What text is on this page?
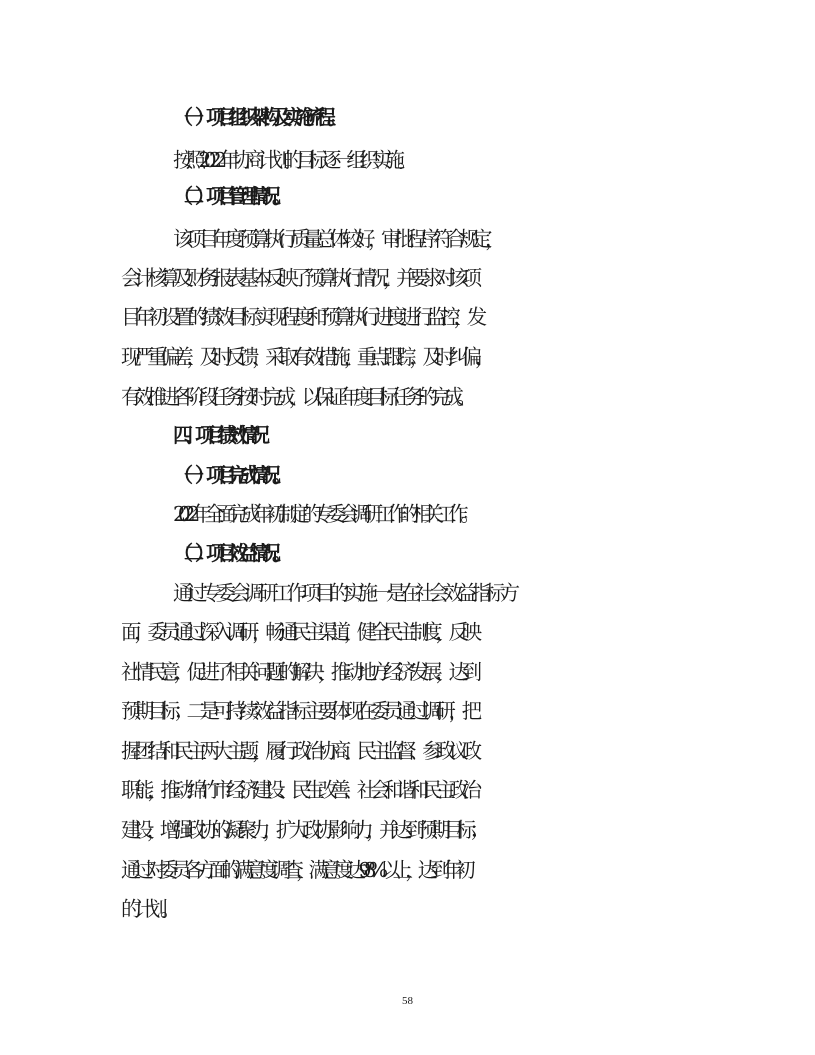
（一）项目组织架构及实施流程。
按照2022年协商计划的目标逐一组织实施。
（二）项目管理情况。
该项目年度预算执行质量总体较好，审批程序符合规定，
会计核算及财务报表基本反映了预算执行情况，并要求对该项
目年初设置的绩效目标实现程度和预算执行进度进行监控，发
现严重偏差，及时反馈，采取有效措施，重点跟踪，及时纠偏，
有效推进各阶段任务按时完成，以保证年度目标任务的完成。
四、项目绩效情况
（一）项目完成情况。
2022年全面完成年初制定的专委会调研工作的相关工作。
（二）项目效益情况。
通过专委会调研工作项目的实施一是在社会效益指标方
面，委员通过深入调研，畅通民主渠道，健全民主制度，反映
社情民意，促进了相关问题的解决，推动地方经济发展，达到
预期目标；二是可持续效益指标主要体现在委员通过调研，把
握团结和民主两大主题，履行政治协商、民主监督、参政议政
职能，推动绵竹市经济建设、民生改善、社会和谐和民主政治
建设，增强政协的凝聚力，扩大政协影响力，并达到预期目标；
通过对委员各方面的满意度调查，满意度达98%以上，达到年初
的计划。
58
